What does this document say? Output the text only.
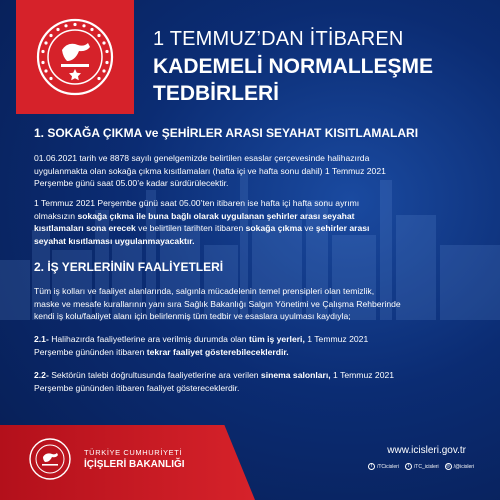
1 TEMMUZ’DAN İTİBAREN
KADEMELİ NORMALLEŞME
TEDBİRLERİ
1. SOKAĞA ÇIKMA ve ŞEHİRLER ARASI SEYAHAT KISITLAMALARI
01.06.2021 tarih ve 8878 sayılı genelgemizde belirtilen esaslar çerçevesinde halihazırda
uygulanmakta olan sokağa çıkma kısıtlamaları (hafta içi ve hafta sonu dahil) 1 Temmuz 2021
Perşembe günü saat 05.00’e kadar sürdürülecektir.
1 Temmuz 2021 Perşembe günü saat 05.00’ten itibaren ise hafta içi hafta sonu ayrımı
olmaksızın sokağa çıkma ile buna bağlı olarak uygulanan şehirler arası seyahat
kısıtlamaları sona erecek ve belirtilen tarihten itibaren sokağa çıkma ve şehirler arası
seyahat kısıtlaması uygulanmayacaktır.
2. İŞ YERLERİNİN FAALİYETLERİ
Tüm iş kolları ve faaliyet alanlarında, salgınla mücadelenin temel prensipleri olan temizlik,
maske ve mesafe kurallarının yanı sıra Sağlık Bakanlığı Salgın Yönetimi ve Çalışma Rehberinde
kendi iş kolu/faaliyet alanı için belirlenmiş tüm tedbir ve esaslara uyulması kaydıyla;
2.1- Halihazırda faaliyetlerine ara verilmiş durumda olan tüm iş yerleri, 1 Temmuz 2021
Perşembe gününden itibaren tekrar faaliyet gösterebileceklerdir.
2.2- Sektörün talebi doğrultusunda faaliyetlerine ara verilen sinema salonları, 1 Temmuz 2021
Perşembe gününden itibaren faaliyet göstereceklerdir.
TÜRKİYE CUMHURİYETİ
İÇİŞLERİ BAKANLIĞI
www.icisleri.gov.tr
f /TCicisleri	t /TC_icisleri	◎ /@icisleri
